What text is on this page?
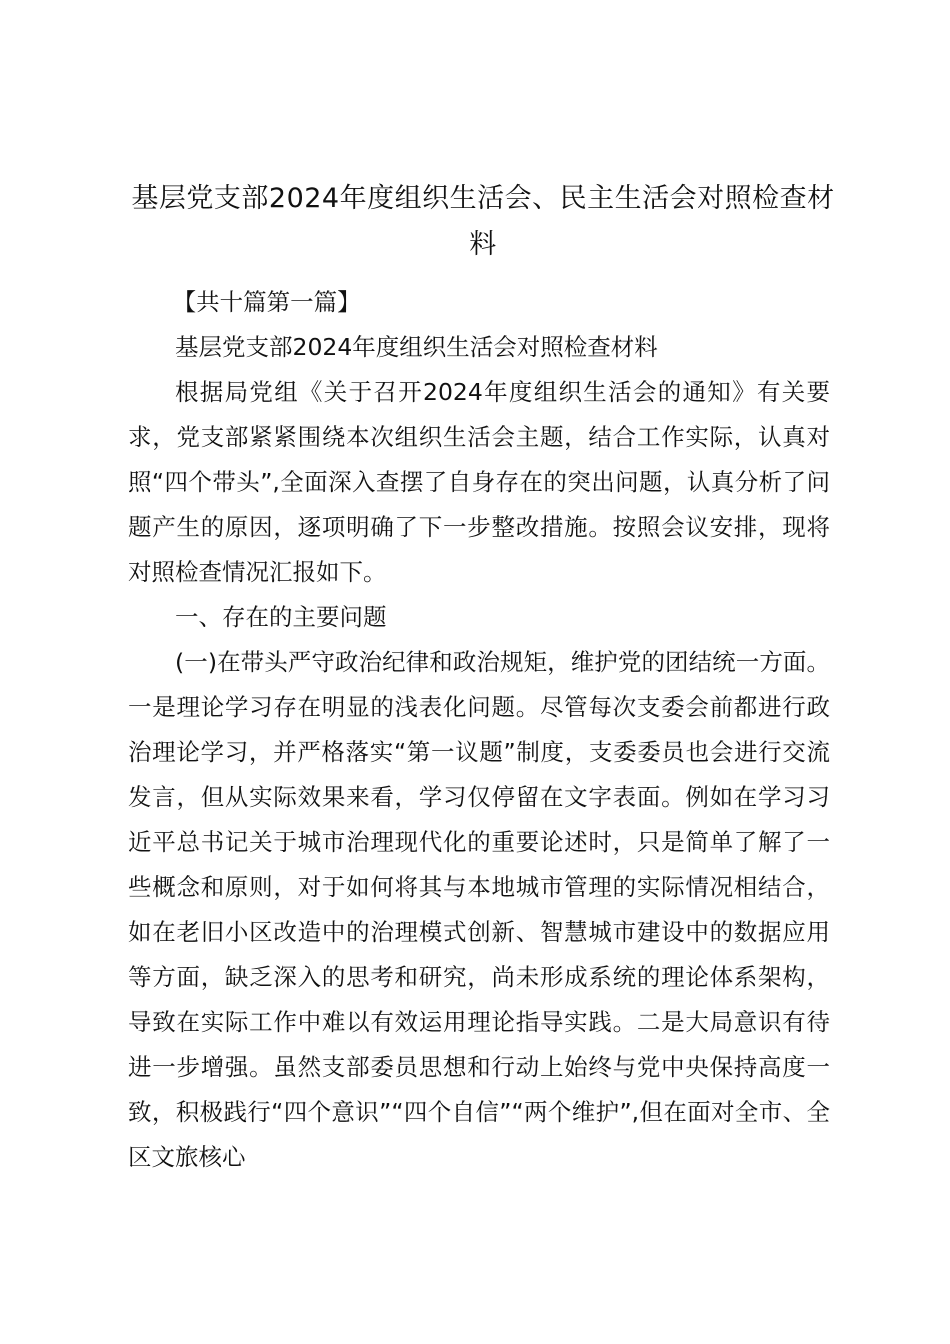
基层党支部2024年度组织生活会、民主生活会对照检查材料

【共十篇第一篇】

基层党支部2024年度组织生活会对照检查材料

根据局党组《关于召开2024年度组织生活会的通知》有关要求，党支部紧紧围绕本次组织生活会主题，结合工作实际，认真对照“四个带头”,全面深入查摆了自身存在的突出问题，认真分析了问题产生的原因，逐项明确了下一步整改措施。按照会议安排，现将对照检查情况汇报如下。

一、存在的主要问题

(一)在带头严守政治纪律和政治规矩，维护党的团结统一方面。一是理论学习存在明显的浅表化问题。尽管每次支委会前都进行政治理论学习，并严格落实“第一议题”制度，支委委员也会进行交流发言，但从实际效果来看，学习仅停留在文字表面。例如在学习习近平总书记关于城市治理现代化的重要论述时，只是简单了解了一些概念和原则，对于如何将其与本地城市管理的实际情况相结合，如在老旧小区改造中的治理模式创新、智慧城市建设中的数据应用等方面，缺乏深入的思考和研究，尚未形成系统的理论体系架构，导致在实际工作中难以有效运用理论指导实践。二是大局意识有待进一步增强。虽然支部委员思想和行动上始终与党中央保持高度一致，积极践行“四个意识”“四个自信”“两个维护”,但在面对全市、全区文旅核心
